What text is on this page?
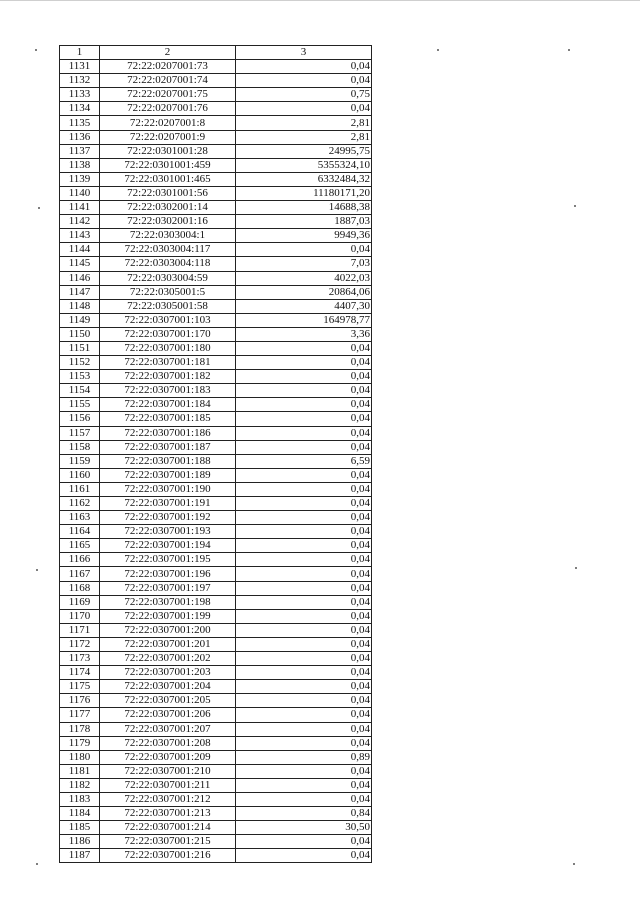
1	2	3
1131	72:22:0207001:73	0,04
1132	72:22:0207001:74	0,04
1133	72:22:0207001:75	0,75
1134	72:22:0207001:76	0,04
1135	72:22:0207001:8	2,81
1136	72:22:0207001:9	2,81
1137	72:22:0301001:28	24995,75
1138	72:22:0301001:459	5355324,10
1139	72:22:0301001:465	6332484,32
1140	72:22:0301001:56	11180171,20
1141	72:22:0302001:14	14688,38
1142	72:22:0302001:16	1887,03
1143	72:22:0303004:1	9949,36
1144	72:22:0303004:117	0,04
1145	72:22:0303004:118	7,03
1146	72:22:0303004:59	4022,03
1147	72:22:0305001:5	20864,06
1148	72:22:0305001:58	4407,30
1149	72:22:0307001:103	164978,77
1150	72:22:0307001:170	3,36
1151	72:22:0307001:180	0,04
1152	72:22:0307001:181	0,04
1153	72:22:0307001:182	0,04
1154	72:22:0307001:183	0,04
1155	72:22:0307001:184	0,04
1156	72:22:0307001:185	0,04
1157	72:22:0307001:186	0,04
1158	72:22:0307001:187	0,04
1159	72:22:0307001:188	6,59
1160	72:22:0307001:189	0,04
1161	72:22:0307001:190	0,04
1162	72:22:0307001:191	0,04
1163	72:22:0307001:192	0,04
1164	72:22:0307001:193	0,04
1165	72:22:0307001:194	0,04
1166	72:22:0307001:195	0,04
1167	72:22:0307001:196	0,04
1168	72:22:0307001:197	0,04
1169	72:22:0307001:198	0,04
1170	72:22:0307001:199	0,04
1171	72:22:0307001:200	0,04
1172	72:22:0307001:201	0,04
1173	72:22:0307001:202	0,04
1174	72:22:0307001:203	0,04
1175	72:22:0307001:204	0,04
1176	72:22:0307001:205	0,04
1177	72:22:0307001:206	0,04
1178	72:22:0307001:207	0,04
1179	72:22:0307001:208	0,04
1180	72:22:0307001:209	0,89
1181	72:22:0307001:210	0,04
1182	72:22:0307001:211	0,04
1183	72:22:0307001:212	0,04
1184	72:22:0307001:213	0,84
1185	72:22:0307001:214	30,50
1186	72:22:0307001:215	0,04
1187	72:22:0307001:216	0,04
